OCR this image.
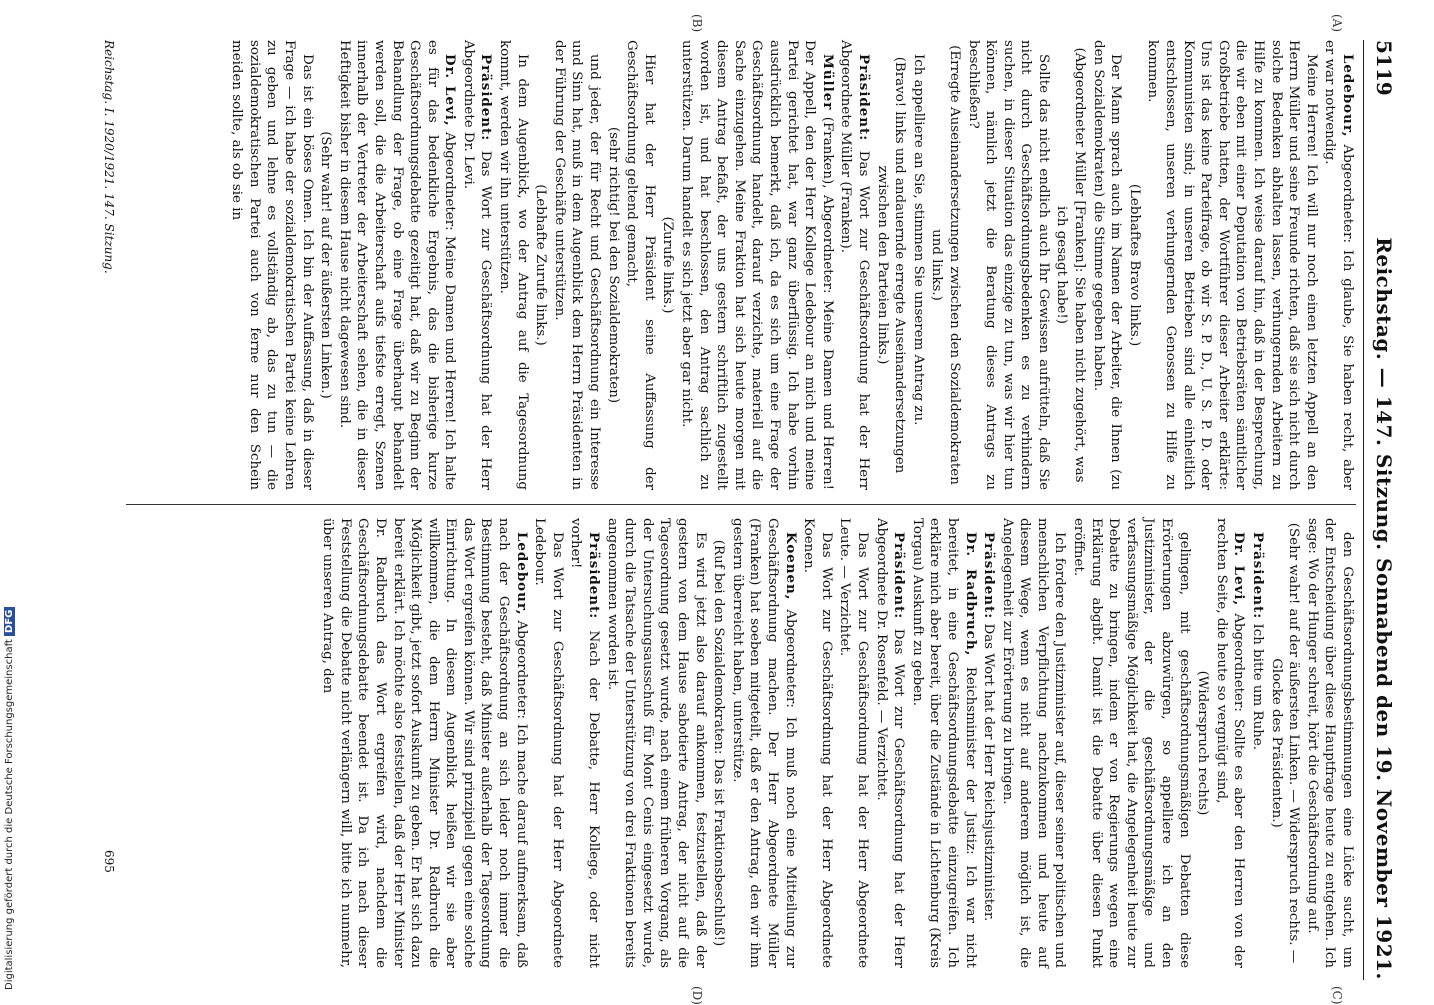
5119
Reichstag. — 147. Sitzung. Sonnabend den 19. November 1921.

Ledebour, Abgeordneter: Ich glaube, Sie haben recht, aber er war notwendig.

Meine Herren! Ich will nur noch einen letzten Appell an den Herrn Müller und seine Freunde richten, daß sie sich nicht durch solche Bedenken abhalten lassen, verhungernden Arbeitern zu Hilfe zu kommen. Ich weise darauf hin, daß in der Besprechung, die wir eben mit einer Deputation von Betriebsräten sämtlicher Großbetriebe hatten, der Wortführer dieser Arbeiter erklärte: Uns ist das keine Parteifrage, ob wir S. P. D., U. S. P. D. oder Kommunisten sind; in unseren Betrieben sind alle einheitlich entschlossen, unseren verhungernden Genossen zu Hilfe zu kommen.

(Lebhaftes Bravo links.)

Der Mann sprach auch im Namen der Arbeiter, die Ihnen (zu den Sozialdemokraten) die Stimme gegeben haben.

(Abgeordneter Müller [Franken]: Sie haben nicht zugehört, was ich gesagt habe!)

Sollte das nicht endlich auch Ihr Gewissen aufrütteln, daß Sie nicht durch Geschäftsordnungsbedenken es zu verhindern suchen, in dieser Situation das einzige zu tun, was wir hier tun können, nämlich jetzt die Beratung dieses Antrags zu beschließen?

(Erregte Auseinandersetzungen zwischen den Sozialdemokraten und links.)

Ich appelliere an Sie, stimmen Sie unserem Antrag zu.

(Bravo! links und andauernde erregte Auseinandersetzungen zwischen den Parteien links.)

Präsident: Das Wort zur Geschäftsordnung hat der Herr Abgeordnete Müller (Franken).

Müller (Franken), Abgeordneter: Meine Damen und Herren! Der Appell, den der Herr Kollege Ledebour an mich und meine Partei gerichtet hat, war ganz überflüssig. Ich habe vorhin ausdrücklich bemerkt, daß ich, da es sich um eine Frage der Geschäftsordnung handelt, darauf verzichte, materiell auf die Sache einzugehen. Meine Fraktion hat sich heute morgen mit diesem Antrag befaßt, der uns gestern schriftlich zugestellt worden ist, und hat beschlossen, den Antrag sachlich zu unterstützen. Darum handelt es sich jetzt aber gar nicht.

(Zurufe links.)

Hier hat der Herr Präsident seine Auffassung der Geschäftsordnung geltend gemacht,

(sehr richtig! bei den Sozialdemokraten)

und jeder, der für Recht und Geschäftsordnung ein Interesse und Sinn hat, muß in dem Augenblick dem Herrn Präsidenten in der Führung der Geschäfte unterstützen.

(Lebhafte Zurufe links.)

In dem Augenblick, wo der Antrag auf die Tagesordnung kommt, werden wir ihn unterstützen.

Präsident: Das Wort zur Geschäftsordnung hat der Herr Abgeordnete Dr. Levi.

Dr. Levi, Abgeordneter: Meine Damen und Herren! Ich halte es für das bedenkliche Ergebnis, das die bisherige kurze Geschäftsordnungsdebatte gezeitigt hat, daß wir zu Beginn der Behandlung der Frage, ob eine Frage überhaupt behandelt werden soll, die die Arbeiterschaft aufs tiefste erregt, Szenen innerhalb der Vertreter der Arbeiterschaft sehen, die in dieser Heftigkeit bisher in diesem Hause nicht dagewesen sind.

(Sehr wahr! auf der äußersten Linken.)

Das ist ein böses Omen. Ich bin der Auffassung, daß in dieser Frage — ich habe der sozialdemokratischen Partei keine Lehren zu geben und lehne es vollständig ab, das zu tun — die sozialdemokratischen Partei auch von ferne nur den Schein meiden sollte, als ob sie in

den Geschäftsordnungsbestimmungen eine Lücke sucht, um der Entscheidung über diese Hauptfrage heute zu entgehen. Ich sage: Wo der Hunger schreit, hört die Geschäftsordnung auf.

(Sehr wahr! auf der äußersten Linken. — Widerspruch rechts. — Glocke des Präsidenten.)

Präsident: Ich bitte um Ruhe.

Dr. Levi, Abgeordneter: Sollte es aber den Herren von der rechten Seite, die heute so vergnügt sind,

(Widerspruch rechts)

gelingen, mit geschäftsordnungsmäßigen Debatten diese Erörterungen abzuwürgen, so appelliere ich an den Justizminister, der die geschäftsordnungsmäßige und verfassungsmäßige Möglichkeit hat, die Angelegenheit heute zur Debatte zu bringen, indem er von Regierungs wegen eine Erklärung abgibt. Damit ist die Debatte über diesen Punkt eröffnet.

Ich fordere den Justizminister auf, dieser seiner politischen und menschlichen Verpflichtung nachzukommen und heute auf diesem Wege, wenn es nicht auf anderem möglich ist, die Angelegenheit zur Erörterung zu bringen.

Präsident: Das Wort hat der Herr Reichsjustizminister.

Dr. Radbruch, Reichsminister der Justiz: Ich war nicht bereitet, in eine Geschäftsordnungsdebatte einzugreifen. Ich erkläre mich aber bereit, über die Zustände in Lichtenburg (Kreis Torgau) Auskunft zu geben.

Präsident: Das Wort zur Geschäftsordnung hat der Herr Abgeordnete Dr. Rosenfeld. — Verzichtet.

Das Wort zur Geschäftsordnung hat der Herr Abgeordnete Leute. — Verzichtet.

Das Wort zur Geschäftsordnung hat der Herr Abgeordnete Koenen.

Koenen, Abgeordneter: Ich muß noch eine Mitteilung zur Geschäftsordnung machen. Der Herr Abgeordnete Müller (Franken) hat soeben mitgeteilt, daß er den Antrag, den wir ihm gestern überreicht haben, unterstütze.

(Ruf bei den Sozialdemokraten: Das ist Fraktionsbeschluß!)

Es wird jetzt also darauf ankommen, festzustellen, daß der gestern von dem Hause sabotierte Antrag, der nicht auf die Tagesordnung gesetzt wurde, nach einem früheren Vorgang, als der Untersuchungsausschuß für Mont Cenis eingesetzt wurde, durch die Tatsache der Unterstützung von drei Fraktionen bereits angenommen worden ist.

Präsident: Nach der Debatte, Herr Kollege, oder nicht vorher!

Das Wort zur Geschäftsordnung hat der Herr Abgeordnete Ledebour.

Ledebour, Abgeordneter: Ich mache darauf aufmerksam, daß nach der Geschäftsordnung an sich leider noch immer die Bestimmung besteht, daß Minister außerhalb der Tagesordnung das Wort ergreifen können. Wir sind prinzipiell gegen eine solche Einrichtung. In diesem Augenblick heißen wir sie aber willkommen, die dem Herrn Minister Dr. Radbruch die Möglichkeit gibt, jetzt sofort Auskunft zu geben. Er hat sich dazu bereit erklärt. Ich möchte also feststellen, daß der Herr Minister Dr. Radbruch das Wort ergreifen wird, nachdem die Geschäftsordnungsdebatte beendet ist. Da ich nach dieser Feststellung die Debatte nicht verlängern will, bitte ich nunmehr, über unseren Antrag, den

(A)
(B)
(C)
(D)
Reichstag. I. 1920/1921. 147. Sitzung.
695
Digitalisierung gefördert durch die Deutsche Forschungsgemeinschaft DFG
